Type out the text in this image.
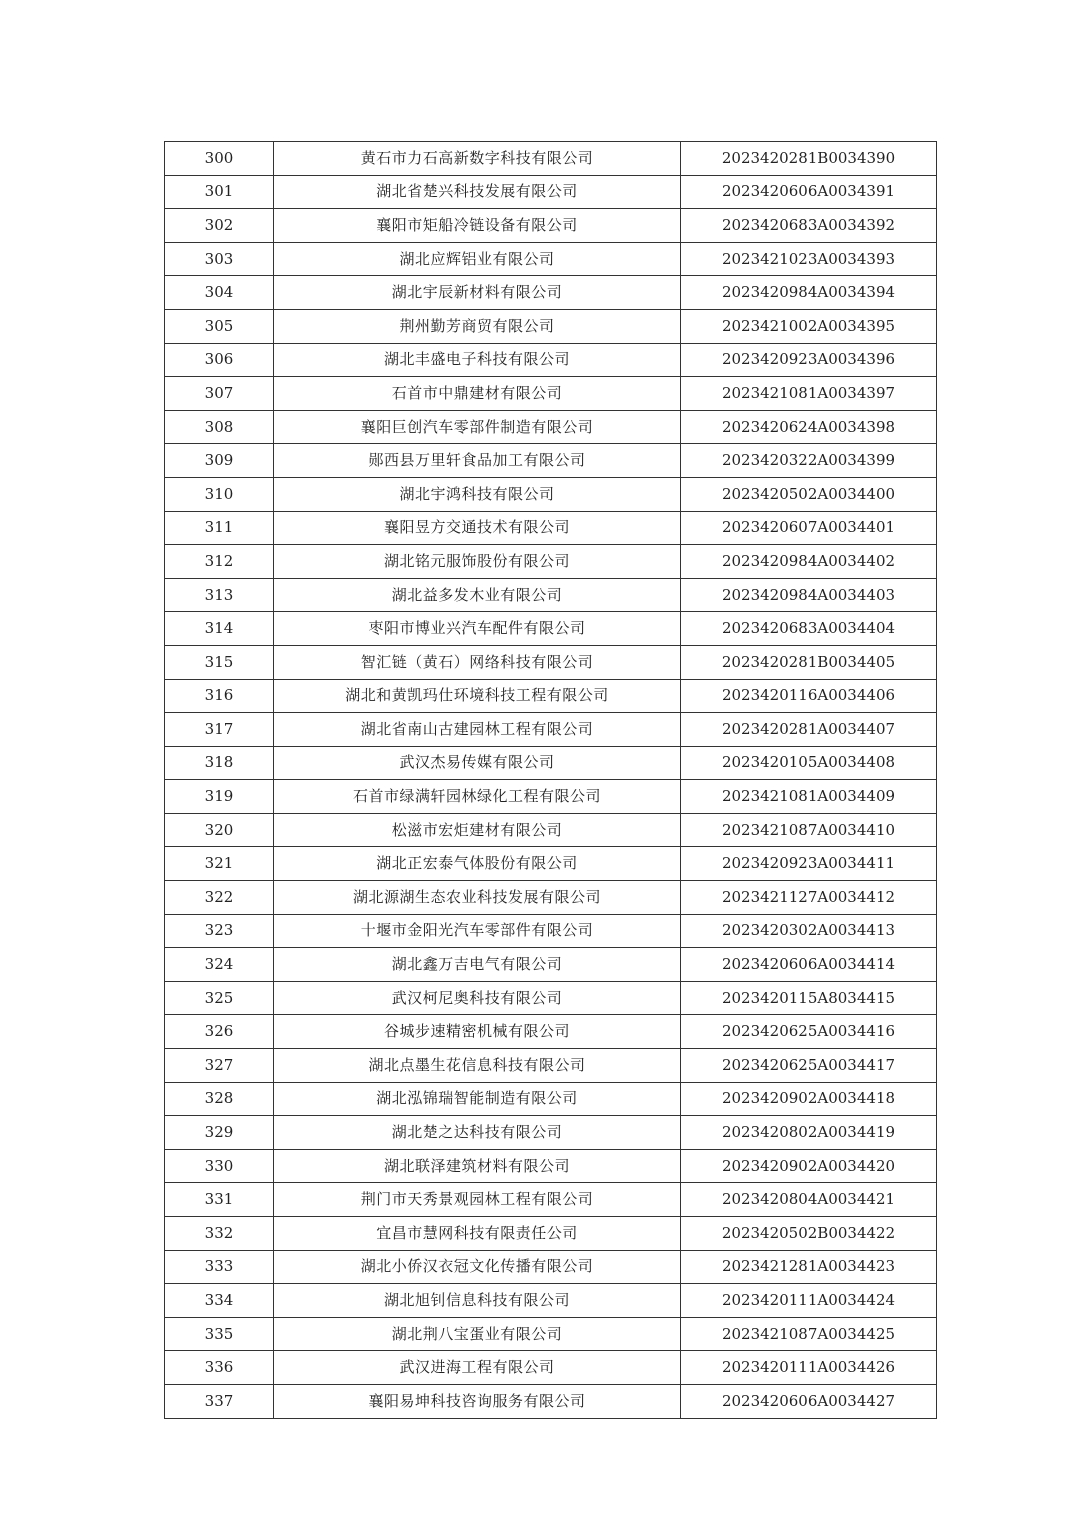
300	黄石市力石高新数字科技有限公司	2023420281B0034390
301	湖北省楚兴科技发展有限公司	2023420606A0034391
302	襄阳市矩船冷链设备有限公司	2023420683A0034392
303	湖北应辉铝业有限公司	2023421023A0034393
304	湖北宇辰新材料有限公司	2023420984A0034394
305	荆州勤芳商贸有限公司	2023421002A0034395
306	湖北丰盛电子科技有限公司	2023420923A0034396
307	石首市中鼎建材有限公司	2023421081A0034397
308	襄阳巨创汽车零部件制造有限公司	2023420624A0034398
309	郧西县万里轩食品加工有限公司	2023420322A0034399
310	湖北宇鸿科技有限公司	2023420502A0034400
311	襄阳昱方交通技术有限公司	2023420607A0034401
312	湖北铭元服饰股份有限公司	2023420984A0034402
313	湖北益多发木业有限公司	2023420984A0034403
314	枣阳市博业兴汽车配件有限公司	2023420683A0034404
315	智汇链（黄石）网络科技有限公司	2023420281B0034405
316	湖北和黄凯玛仕环境科技工程有限公司	2023420116A0034406
317	湖北省南山古建园林工程有限公司	2023420281A0034407
318	武汉杰易传媒有限公司	2023420105A0034408
319	石首市绿满轩园林绿化工程有限公司	2023421081A0034409
320	松滋市宏炬建材有限公司	2023421087A0034410
321	湖北正宏泰气体股份有限公司	2023420923A0034411
322	湖北源湖生态农业科技发展有限公司	2023421127A0034412
323	十堰市金阳光汽车零部件有限公司	2023420302A0034413
324	湖北鑫万吉电气有限公司	2023420606A0034414
325	武汉柯尼奥科技有限公司	2023420115A8034415
326	谷城步速精密机械有限公司	2023420625A0034416
327	湖北点墨生花信息科技有限公司	2023420625A0034417
328	湖北泓锦瑞智能制造有限公司	2023420902A0034418
329	湖北楚之达科技有限公司	2023420802A0034419
330	湖北联泽建筑材料有限公司	2023420902A0034420
331	荆门市天秀景观园林工程有限公司	2023420804A0034421
332	宜昌市慧网科技有限责任公司	2023420502B0034422
333	湖北小侨汉衣冠文化传播有限公司	2023421281A0034423
334	湖北旭钊信息科技有限公司	2023420111A0034424
335	湖北荆八宝蛋业有限公司	2023421087A0034425
336	武汉进海工程有限公司	2023420111A0034426
337	襄阳易坤科技咨询服务有限公司	2023420606A0034427
